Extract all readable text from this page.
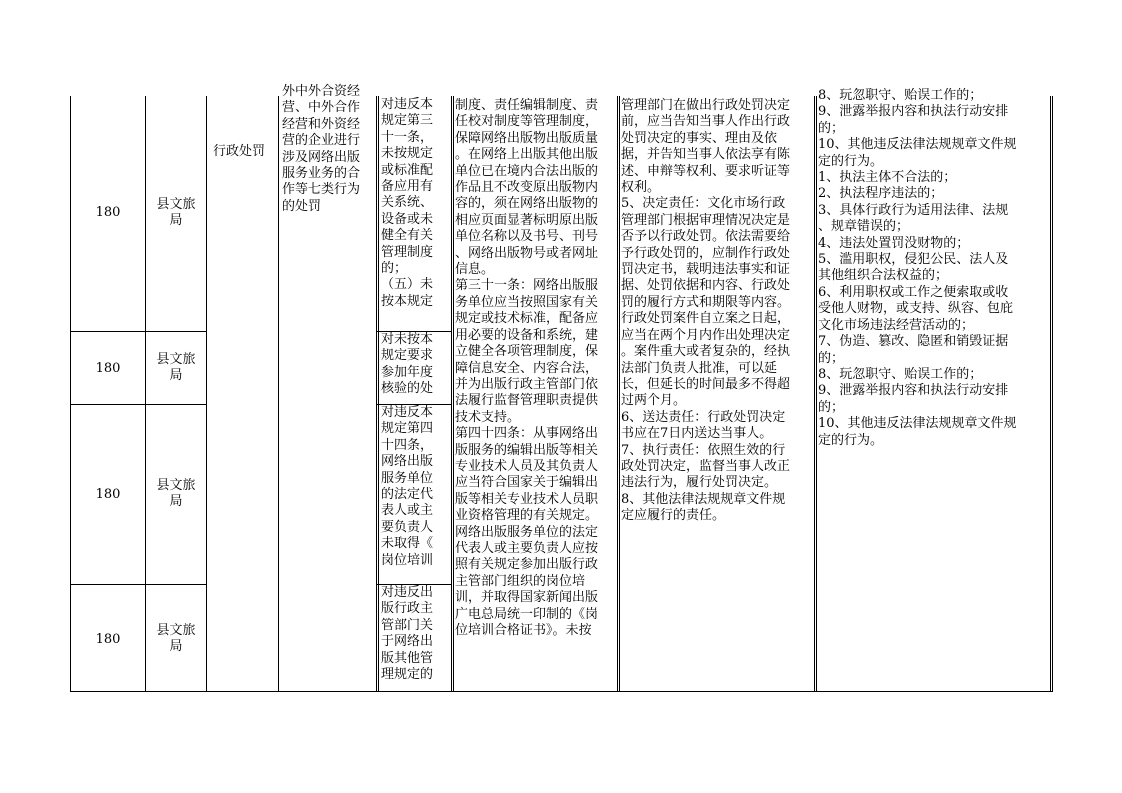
180
县文旅
局
180
县文旅
局
180
县文旅
局
180
县文旅
局
行政处罚
外中外合资经
营、中外合作
经营和外资经
营的企业进行
涉及网络出版
服务业务的合
作等七类行为
的处罚
对违反本
规定第三
十一条，
未按规定
或标准配
备应用有
关系统、
设备或未
健全有关
管理制度
的；
（五）未
按本规定
对未按本
规定要求
参加年度
核验的处
对违反本
规定第四
十四条，
网络出版
服务单位
的法定代
表人或主
要负责人
未取得《
岗位培训
对违反出
版行政主
管部门关
于网络出
版其他管
理规定的
制度、责任编辑制度、责
任校对制度等管理制度，
保障网络出版物出版质量
。在网络上出版其他出版
单位已在境内合法出版的
作品且不改变原出版物内
容的，须在网络出版物的
相应页面显著标明原出版
单位名称以及书号、刊号
、网络出版物号或者网址
信息。
第三十一条：网络出版服
务单位应当按照国家有关
规定或技术标准，配备应
用必要的设备和系统，建
立健全各项管理制度，保
障信息安全、内容合法，
并为出版行政主管部门依
法履行监督管理职责提供
技术支持。
第四十四条：从事网络出
版服务的编辑出版等相关
专业技术人员及其负责人
应当符合国家关于编辑出
版等相关专业技术人员职
业资格管理的有关规定。
网络出版服务单位的法定
代表人或主要负责人应按
照有关规定参加出版行政
主管部门组织的岗位培
训，并取得国家新闻出版
广电总局统一印制的《岗
位培训合格证书》。未按
管理部门在做出行政处罚决定
前，应当告知当事人作出行政
处罚决定的事实、理由及依
据，并告知当事人依法享有陈
述、申辩等权利、要求听证等
权利。
5、决定责任：文化市场行政
管理部门根据审理情况决定是
否予以行政处罚。依法需要给
予行政处罚的，应制作行政处
罚决定书，载明违法事实和证
据、处罚依据和内容、行政处
罚的履行方式和期限等内容。
行政处罚案件自立案之日起，
应当在两个月内作出处理决定
。案件重大或者复杂的，经执
法部门负责人批准，可以延
长，但延长的时间最多不得超
过两个月。
6、送达责任：行政处罚决定
书应在7日内送达当事人。
7、执行责任：依照生效的行
政处罚决定，监督当事人改正
违法行为，履行处罚决定。
8、其他法律法规规章文件规
定应履行的责任。
8、玩忽职守、贻误工作的；
9、泄露举报内容和执法行动安排
的；
10、其他违反法律法规规章文件规
定的行为。
1、执法主体不合法的；
2、执法程序违法的；
3、具体行政行为适用法律、法规
、规章错误的；
4、违法处置罚没财物的；
5、滥用职权，侵犯公民、法人及
其他组织合法权益的；
6、利用职权或工作之便索取或收
受他人财物，或支持、纵容、包庇
文化市场违法经营活动的；
7、伪造、篡改、隐匿和销毁证据
的；
8、玩忽职守、贻误工作的；
9、泄露举报内容和执法行动安排
的；
10、其他违反法律法规规章文件规
定的行为。
